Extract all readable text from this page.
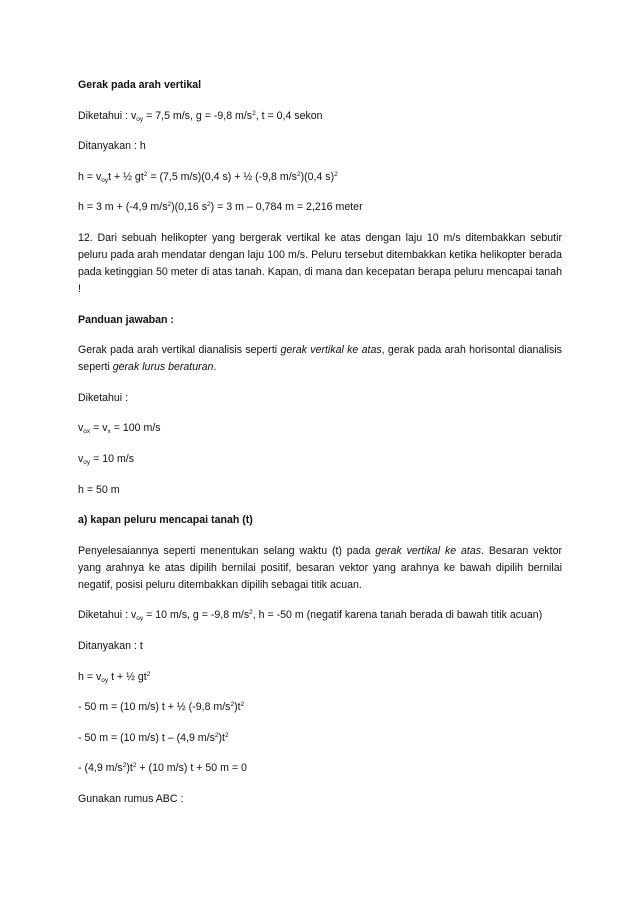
Gerak pada arah vertikal

Diketahui : $v_{oy} = 7,5$ m/s, g = -9,8 $m/s^2$, t = 0,4 sekon

Ditanyakan : h

$h = v_{oy}t$ + ½ $gt^2 = (7,5$ m/s)(0,4 s) + ½ (-9,8 $m/s^2)(0,4$ s)$^2$

h = 3 m + (-4,9 $m/s^2)(0,16$ $s^2) = 3$ m – 0,784 m = 2,216 meter

12. Dari sebuah helikopter yang bergerak vertikal ke atas dengan laju 10 m/s ditembakkan sebutir peluru pada arah mendatar dengan laju 100 m/s. Peluru tersebut ditembakkan ketika helikopter berada pada ketinggian 50 meter di atas tanah. Kapan, di mana dan kecepatan berapa peluru mencapai tanah !

Panduan jawaban :

Gerak pada arah vertikal dianalisis seperti gerak vertikal ke atas, gerak pada arah horisontal dianalisis seperti gerak lurus beraturan.

Diketahui :

$v_{ox} = v_x = 100$ m/s

$v_{oy} = 10$ m/s

h = 50 m

a) kapan peluru mencapai tanah (t)

Penyelesaiannya seperti menentukan selang waktu (t) pada gerak vertikal ke atas. Besaran vektor yang arahnya ke atas dipilih bernilai positif, besaran vektor yang arahnya ke bawah dipilih bernilai negatif, posisi peluru ditembakkan dipilih sebagai titik acuan.

Diketahui : $v_{oy} = 10$ m/s, g = -9,8 $m/s^2$, h = -50 m (negatif karena tanah berada di bawah titik acuan)

Ditanyakan : t

$h = v_{oy}$ t + ½ $gt^2$

- 50 m = (10 m/s) t + ½ (-9,8 $m/s^2)t^2$

- 50 m = (10 m/s) t – (4,9 $m/s^2)t^2$

- (4,9 $m/s^2)t^2 + (10$ m/s) t + 50 m = 0

Gunakan rumus ABC :
